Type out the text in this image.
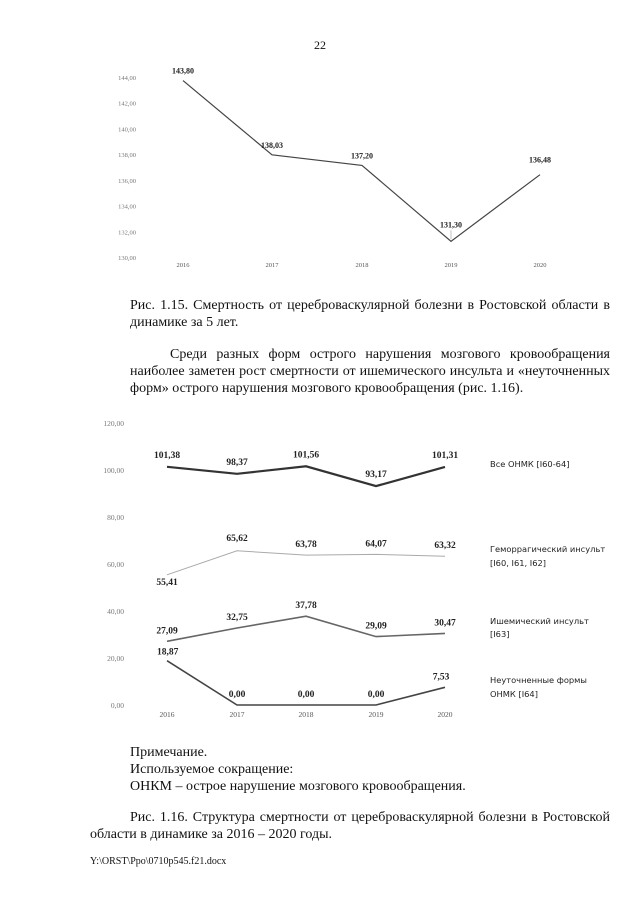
22
144,00
142,00
140,00
138,00
136,00
134,00
132,00
130,00
2016	2017	2018	2019	2020
143,80
138,03
137,20
131,30
136,48
Рис. 1.15. Смертность от цереброваскулярной болезни в Ростовской области в динамике за 5 лет.
Среди разных форм острого нарушения мозгового кровообращения наиболее заметен рост смертности от ишемического инсульта и «неуточненных форм» острого нарушения мозгового кровообращения (рис. 1.16).
120,00
100,00
80,00
60,00
40,00
20,00
0,00
2016	2017	2018	2019	2020
101,38
98,37
101,56
93,17
101,31
Все ОНМК [I60-64]
55,41
65,62
63,78	64,07	63,32	Геморрагический инсульт
[I60, I61, I62]
27,09
32,75
37,78
29,09	30,47	Ишемический инсульт
[I63]
18,87
0,00	0,00	0,00
7,53	Неуточненные формы
ОНМК [I64]
Примечание.
Используемое сокращение:
ОНКМ – острое нарушение мозгового кровообращения.
Рис. 1.16. Структура смертности от цереброваскулярной болезни в Ростовской области в динамике за 2016 – 2020 годы.
Y:\ORST\Ppo\0710p545.f21.docx
